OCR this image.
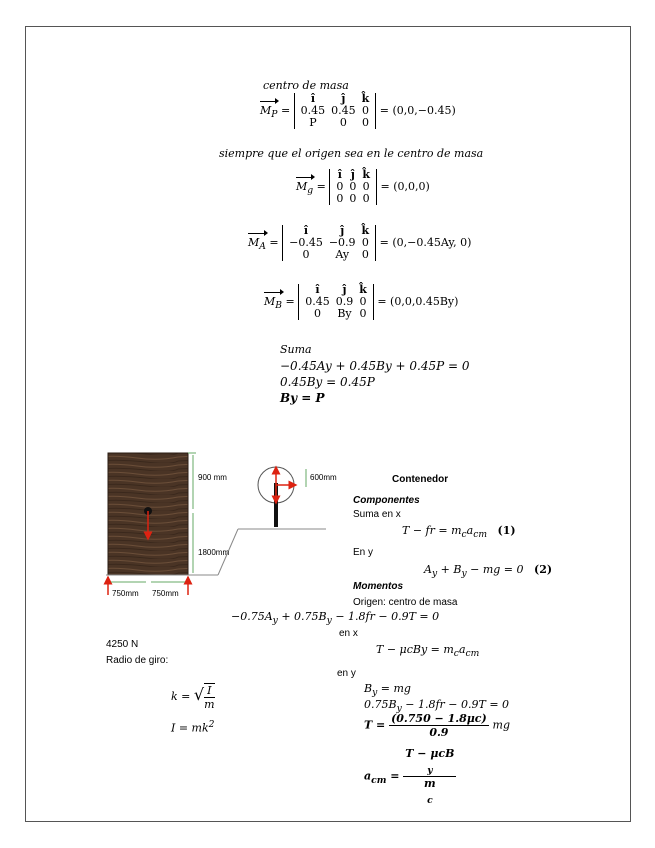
centro de masa
$M_P$ =
î	ĵ	k̂
0.45	0.45	0
P	0	0
= (0,0,−0.45)
siempre que el origen sea en le centro de masa
$M_g$ =
î	ĵ	k̂
0	0	0
0	0	0
= (0,0,0)
$M_A$ =
î	ĵ	k̂
−0.45	−0.9	0
0	Ay	0
= (0,−0.45Ay, 0)
$M_B$ =
î	ĵ	k̂
0.45	0.9	0
0	By	0
= (0,0,0.45By)
Suma
−0.45Ay + 0.45By + 0.45P = 0
0.45By = 0.45P
By = P
750mm 750mm
900 mm
1800mm
600mm	Contenedor
Componentes
Suma en x
T − fr = $m_ca_{cm}$ (1)
En y
$A_y + B_y$ − mg = 0 (2)
Momentos
Origen: centro de masa
$-0.75A_y + 0.75B_y - 1.8fr - 0.9T = 0$
en x
$T - \mu cBy = m_ca_{cm}$
en y
$B_y$ = mg
$0.75B_y - 1.8fr - 0.9T = 0$
$T = \frac{(0.750 - 1.8\mu c)}{0.9}$ mg
$a_{cm} = T - \mu cB$
$_y$
m
$_c$
4250 N
Radio de giro:
k = √ $\frac{I}{m}$
$I = mk^2$
